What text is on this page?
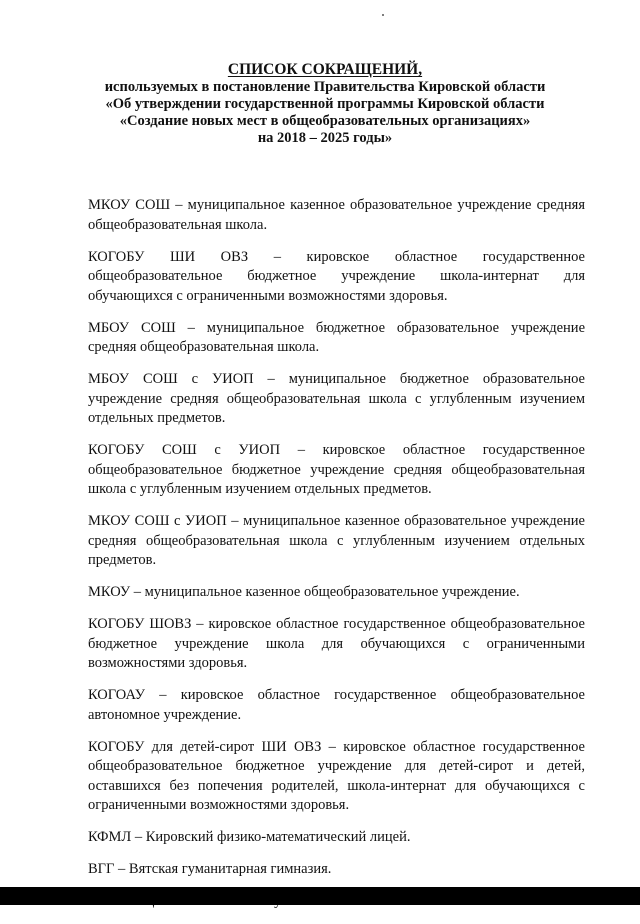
СПИСОК СОКРАЩЕНИЙ,
используемых в постановление Правительства Кировской области
«Об утверждении государственной программы Кировской области
«Создание новых мест в общеобразовательных организациях»
на 2018 – 2025 годы»

МКОУ СОШ – муниципальное казенное образовательное учреждение средняя общеобразовательная школа.

КОГОБУ ШИ ОВЗ – кировское областное государственное общеобразовательное бюджетное учреждение школа-интернат для обучающихся с ограниченными возможностями здоровья.

МБОУ СОШ – муниципальное бюджетное образовательное учреждение средняя общеобразовательная школа.

МБОУ СОШ с УИОП – муниципальное бюджетное образовательное учреждение средняя общеобразовательная школа с углубленным изучением отдельных предметов.

КОГОБУ СОШ с УИОП – кировское областное государственное общеобразовательное бюджетное учреждение средняя общеобразовательная школа с углубленным изучением отдельных предметов.

МКОУ СОШ с УИОП – муниципальное казенное образовательное учреждение средняя общеобразовательная школа с углубленным изучением отдельных предметов.

МКОУ – муниципальное казенное общеобразовательное учреждение.

КОГОБУ ШОВЗ – кировское областное государственное общеобразовательное бюджетное учреждение школа для обучающихся с ограниченными возможностями здоровья.

КОГОАУ – кировское областное государственное общеобразовательное автономное учреждение.

КОГОБУ для детей-сирот ШИ ОВЗ – кировское областное государственное общеобразовательное бюджетное учреждение для детей-сирот и детей, оставшихся без попечения родителей, школа-интернат для обучающихся с ограниченными возможностями здоровья.

КФМЛ – Кировский физико-математический лицей.

ВГГ – Вятская гуманитарная гимназия.
